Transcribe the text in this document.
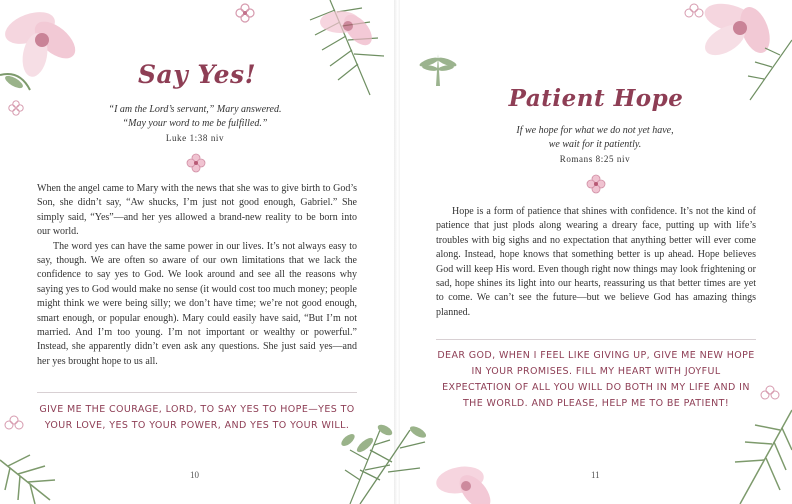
Say Yes!
“I am the Lord’s servant,” Mary answered.
“May your word to me be fulfilled.”
Luke 1:38 niv

When the angel came to Mary with the news that she was to give birth to God’s Son, she didn’t say, “Aw shucks, I’m just not good enough, Gabriel.” She simply said, “Yes”—and her yes allowed a brand-new reality to be born into our world.

The word yes can have the same power in our lives. It’s not always easy to say, though. We are often so aware of our own limitations that we lack the confidence to say yes to God. We look around and see all the reasons why saying yes to God would make no sense (it would cost too much money; people might think we were being silly; we don’t have time; we’re not good enough, smart enough, or popular enough). Mary could easily have said, “But I’m not married. And I’m too young. I’m not important or wealthy or powerful.” Instead, she apparently didn’t even ask any questions. She just said yes—and her yes brought hope to us all.

GIVE ME THE COURAGE, LORD, TO SAY YES TO HOPE—YES TO YOUR LOVE, YES TO YOUR POWER, AND YES TO YOUR WILL.
10
Patient Hope
If we hope for what we do not yet have,
we wait for it patiently.
Romans 8:25 niv

Hope is a form of patience that shines with confidence. It’s not the kind of patience that just plods along wearing a dreary face, putting up with life’s troubles with big sighs and no expectation that anything better will ever come along. Instead, hope knows that something better is up ahead. Hope believes God will keep His word. Even though right now things may look frightening or sad, hope shines its light into our hearts, reassuring us that better times are yet to come. We can’t see the future—but we believe God has amazing things planned.

DEAR GOD, WHEN I FEEL LIKE GIVING UP, GIVE ME NEW HOPE IN YOUR PROMISES. FILL MY HEART WITH JOYFUL EXPECTATION OF ALL YOU WILL DO BOTH IN MY LIFE AND IN THE WORLD. AND PLEASE, HELP ME TO BE PATIENT!
11
